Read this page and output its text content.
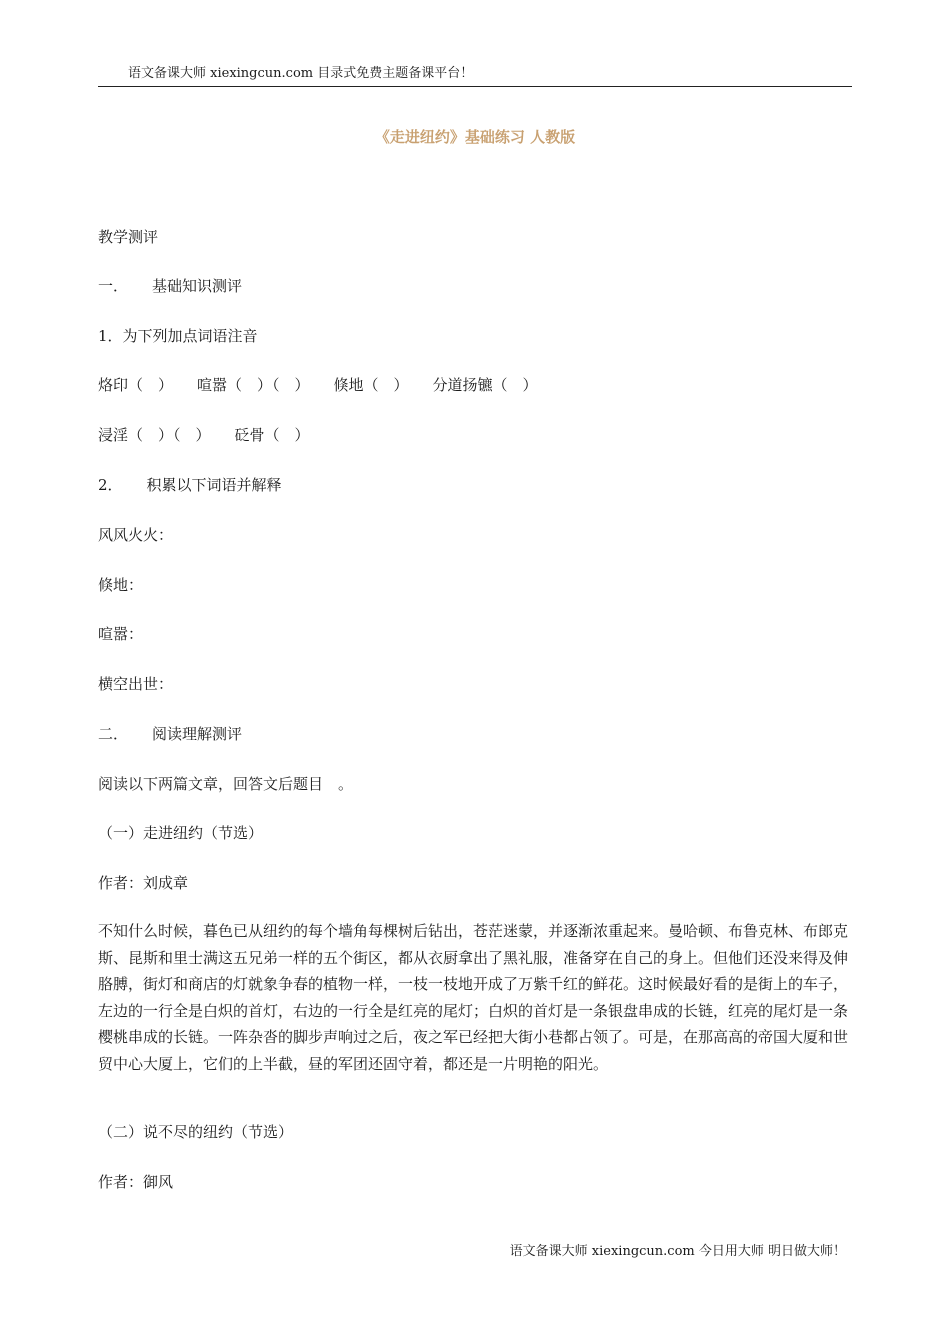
语文备课大师 xiexingcun.com 目录式免费主题备课平台！
《走进纽约》基础练习 人教版
教学测评
一． 基础知识测评
1．为下列加点词语注音
烙印（　） 喧嚣（　）（　） 倏地（　） 分道扬镳（　）
浸淫（　）（　） 砭骨（　）
2． 积累以下词语并解释
风风火火：
倏地：
喧嚣：
横空出世：
二． 阅读理解测评
阅读以下两篇文章，回答文后题目　。
（一）走进纽约（节选）
作者：刘成章
不知什么时候，暮色已从纽约的每个墙角每棵树后钻出，苍茫迷蒙，并逐渐浓重起来。曼哈顿、布鲁克林、布郎克斯、昆斯和里士满这五兄弟一样的五个街区，都从衣厨拿出了黑礼服，准备穿在自己的身上。但他们还没来得及伸胳膊，街灯和商店的灯就象争春的植物一样，一枝一枝地开成了万紫千红的鲜花。这时候最好看的是街上的车子，左边的一行全是白炽的首灯，右边的一行全是红亮的尾灯；白炽的首灯是一条银盘串成的长链，红亮的尾灯是一条樱桃串成的长链。一阵杂沓的脚步声响过之后，夜之军已经把大街小巷都占领了。可是，在那高高的帝国大厦和世贸中心大厦上，它们的上半截，昼的军团还固守着，都还是一片明艳的阳光。
（二）说不尽的纽约（节选）
作者：御风
语文备课大师 xiexingcun.com 今日用大师 明日做大师！
